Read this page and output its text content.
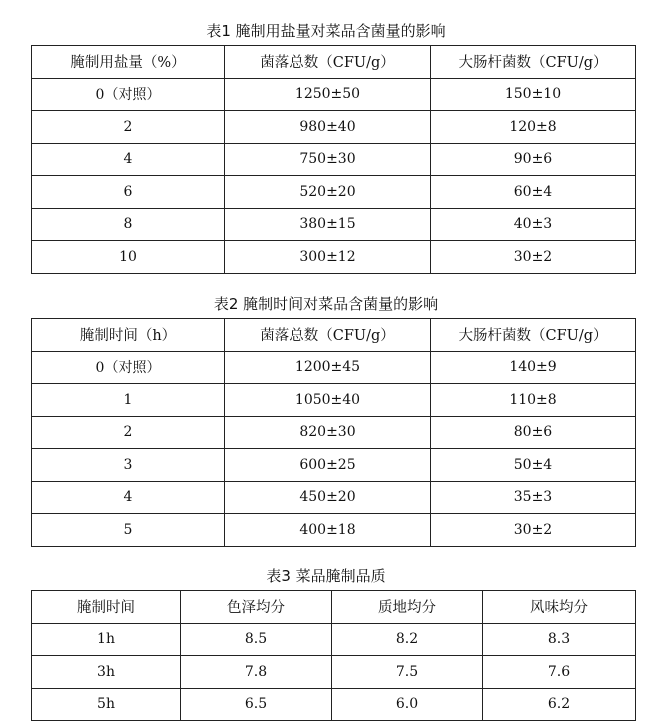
表1 腌制用盐量对菜品含菌量的影响
腌制用盐量（%）	菌落总数（CFU/g）	大肠杆菌数（CFU/g）
0（对照）	1250±50	150±10
2	980±40	120±8
4	750±30	90±6
6	520±20	60±4
8	380±15	40±3
10	300±12	30±2
表2 腌制时间对菜品含菌量的影响
腌制时间（h）	菌落总数（CFU/g）	大肠杆菌数（CFU/g）
0（对照）	1200±45	140±9
1	1050±40	110±8
2	820±30	80±6
3	600±25	50±4
4	450±20	35±3
5	400±18	30±2
表3 菜品腌制品质
腌制时间	色泽均分	质地均分	风味均分
1h	8.5	8.2	8.3
3h	7.8	7.5	7.6
5h	6.5	6.0	6.2
